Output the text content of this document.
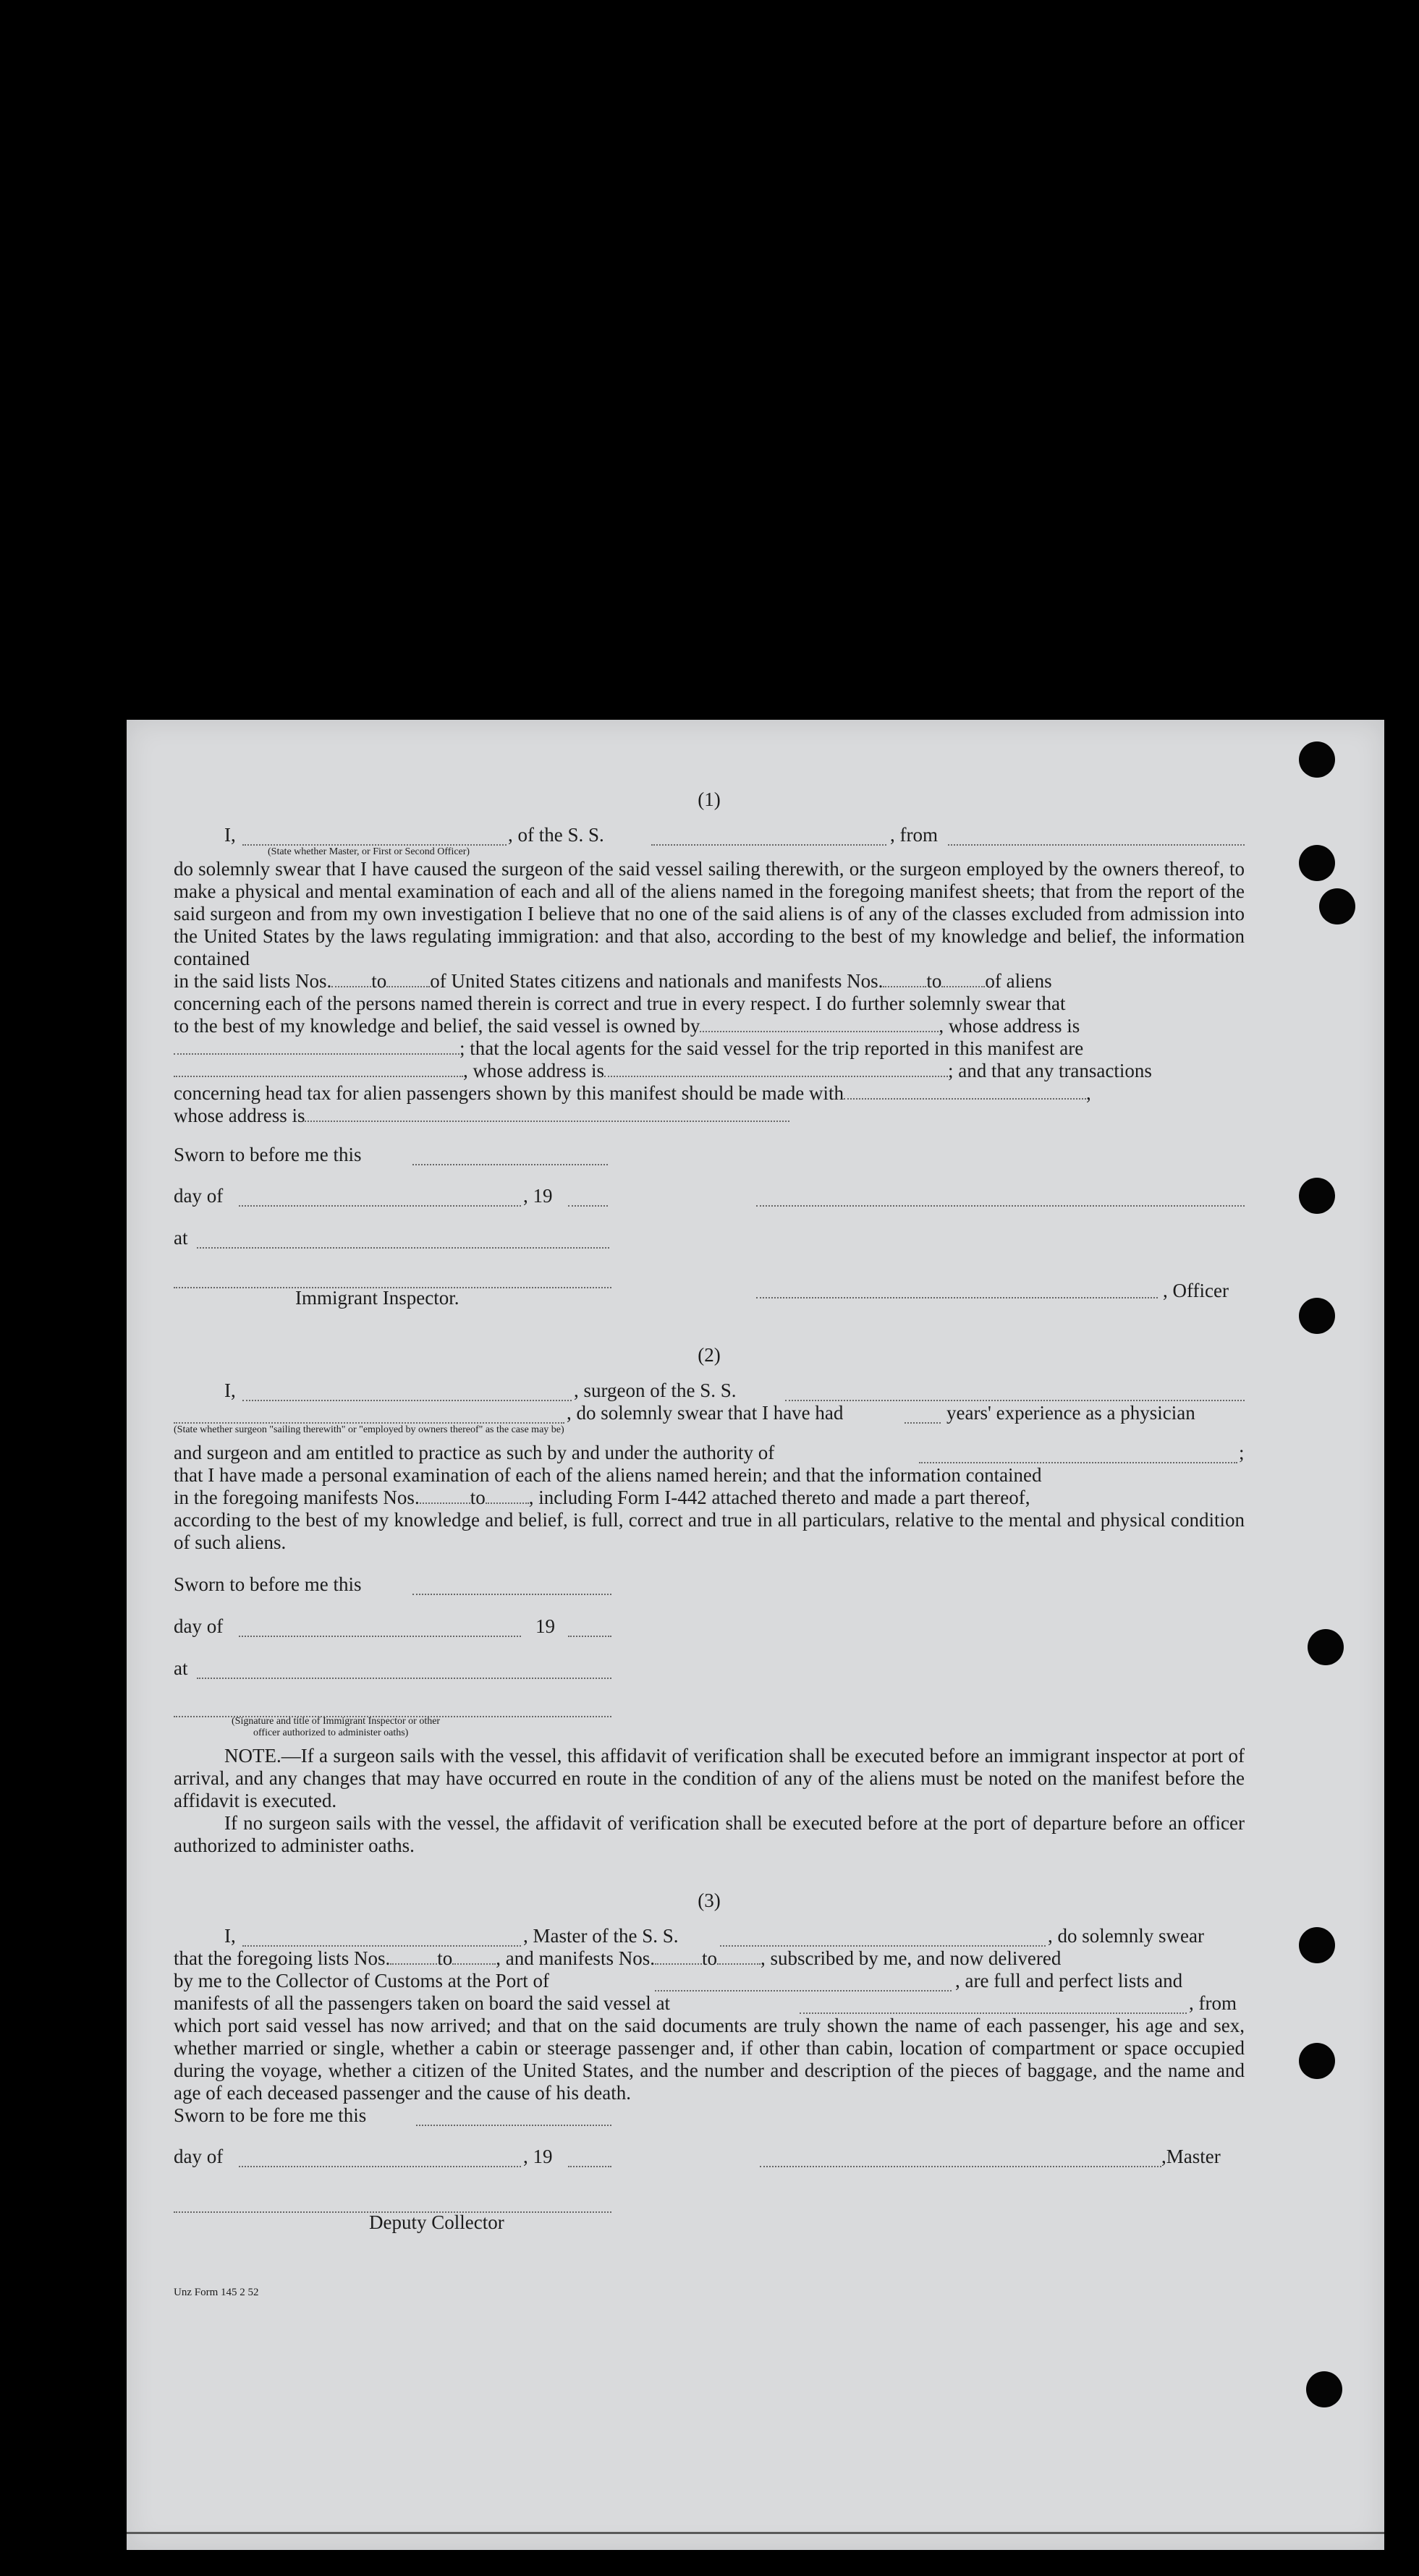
(1)
I,	, of the S. S.	, from
(State whether Master, or First or Second Officer)

do solemnly swear that I have caused the surgeon of the said vessel sailing therewith, or the surgeon employed by the owners thereof, to make a physical and mental examination of each and all of the aliens named in the foregoing manifest sheets; that from the report of the said surgeon and from my own investigation I believe that no one of the said aliens is of any of the classes excluded from admission into the United States by the laws regulating immigration: and that also, according to the best of my knowledge and belief, the information contained

in the said lists Nos. to of United States citizens and nationals and manifests Nos. to of aliens

concerning each of the persons named therein is correct and true in every respect. I do further solemnly swear that

to the best of my knowledge and belief, the said vessel is owned by	, whose address is
; that the local agents for the said vessel for the trip reported in this manifest are
, whose address is	; and that any transactions
concerning head tax for alien passengers shown by this manifest should be made with	,
whose address is
Sworn to before me this
day of	, 19
at
Immigrant Inspector.	, Officer
(2)
I,	, surgeon of the S. S.
, do solemnly swear that I have had	years' experience as a physician
(State whether surgeon "sailing therewith" or "employed by owners thereof" as the case may be)
and surgeon and am entitled to practice as such by and under the authority of	;

that I have made a personal examination of each of the aliens named herein; and that the information contained

in the foregoing manifests Nos.	to , including Form I-442 attached thereto and made a part thereof,

according to the best of my knowledge and belief, is full, correct and true in all particulars, relative to the mental and physical condition of such aliens.

Sworn to before me this
day of	19
at
(Signature and title of Immigrant Inspector or other
officer authorized to administer oaths)

NOTE.—If a surgeon sails with the vessel, this affidavit of verification shall be executed before an immigrant inspector at port of arrival, and any changes that may have occurred en route in the condition of any of the aliens must be noted on the manifest before the affidavit is executed.

If no surgeon sails with the vessel, the affidavit of verification shall be executed before at the port of departure before an officer authorized to administer oaths.

(3)
I,	, Master of the S. S.	, do solemnly swear
that the foregoing lists Nos. to , and manifests Nos. to , subscribed by me, and now delivered
by me to the Collector of Customs at the Port of	, are full and perfect lists and
manifests of all the passengers taken on board the said vessel at	, from

which port said vessel has now arrived; and that on the said documents are truly shown the name of each passenger, his age and sex, whether married or single, whether a cabin or steerage passenger and, if other than cabin, location of compartment or space occupied during the voyage, whether a citizen of the United States, and the number and description of the pieces of baggage, and the name and age of each deceased passenger and the cause of his death.

Sworn to be fore me this
day of	, 19	,Master
Deputy Collector
Unz Form 145 2 52
